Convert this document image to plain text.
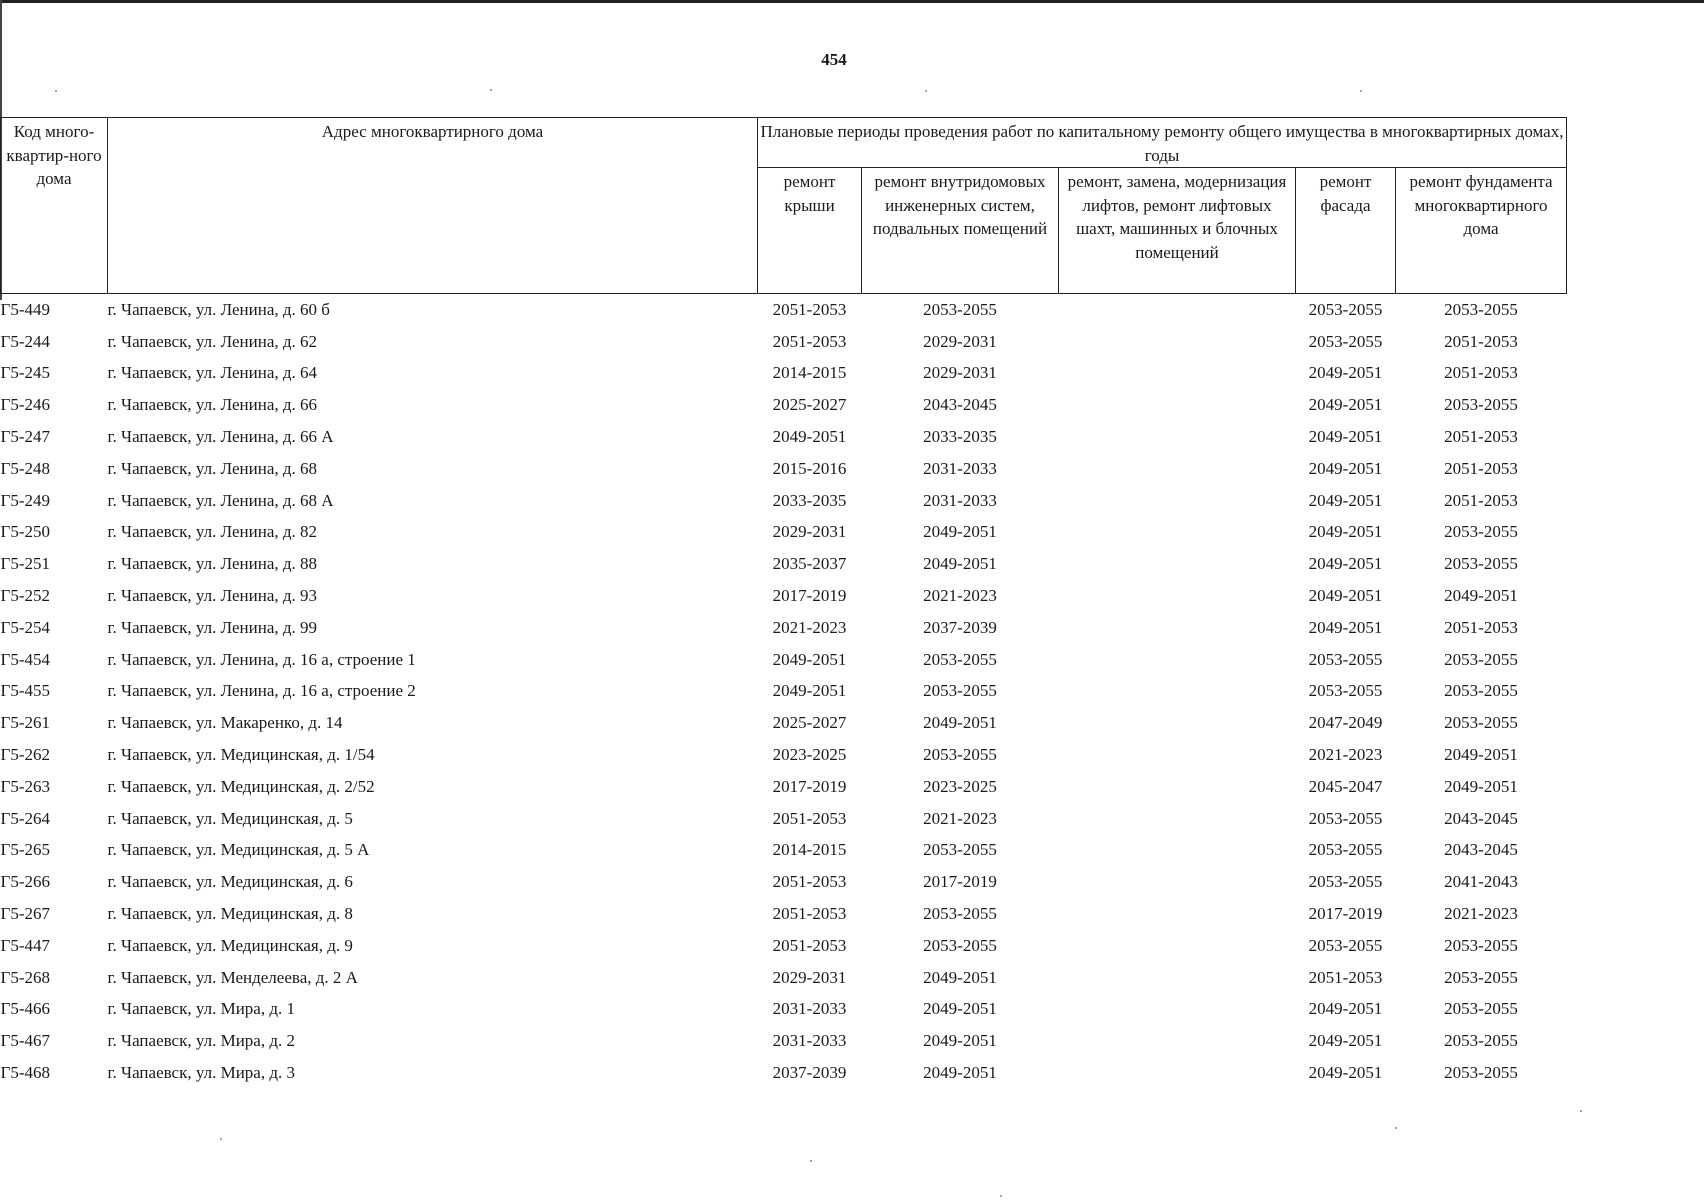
454
Код много-квартир-ного дома	Адрес многоквартирного дома	Плановые периоды проведения работ по капитальному ремонту общего имущества в многоквартирных домах, годы				
		ремонт крыши	ремонт внутридомовых инженерных систем, подвальных помещений	ремонт, замена, модернизация лифтов, ремонт лифтовых шахт, машинных и блочных помещений	ремонт фасада	ремонт фундамента многоквартирного дома
Г5-449	г. Чапаевск, ул. Ленина, д. 60 б	2051-2053	2053-2055		2053-2055	2053-2055
Г5-244	г. Чапаевск, ул. Ленина, д. 62	2051-2053	2029-2031		2053-2055	2051-2053
Г5-245	г. Чапаевск, ул. Ленина, д. 64	2014-2015	2029-2031		2049-2051	2051-2053
Г5-246	г. Чапаевск, ул. Ленина, д. 66	2025-2027	2043-2045		2049-2051	2053-2055
Г5-247	г. Чапаевск, ул. Ленина, д. 66 А	2049-2051	2033-2035		2049-2051	2051-2053
Г5-248	г. Чапаевск, ул. Ленина, д. 68	2015-2016	2031-2033		2049-2051	2051-2053
Г5-249	г. Чапаевск, ул. Ленина, д. 68 А	2033-2035	2031-2033		2049-2051	2051-2053
Г5-250	г. Чапаевск, ул. Ленина, д. 82	2029-2031	2049-2051		2049-2051	2053-2055
Г5-251	г. Чапаевск, ул. Ленина, д. 88	2035-2037	2049-2051		2049-2051	2053-2055
Г5-252	г. Чапаевск, ул. Ленина, д. 93	2017-2019	2021-2023		2049-2051	2049-2051
Г5-254	г. Чапаевск, ул. Ленина, д. 99	2021-2023	2037-2039		2049-2051	2051-2053
Г5-454	г. Чапаевск, ул. Ленина, д. 16 а, строение 1	2049-2051	2053-2055		2053-2055	2053-2055
Г5-455	г. Чапаевск, ул. Ленина, д. 16 а, строение 2	2049-2051	2053-2055		2053-2055	2053-2055
Г5-261	г. Чапаевск, ул. Макаренко, д. 14	2025-2027	2049-2051		2047-2049	2053-2055
Г5-262	г. Чапаевск, ул. Медицинская, д. 1/54	2023-2025	2053-2055		2021-2023	2049-2051
Г5-263	г. Чапаевск, ул. Медицинская, д. 2/52	2017-2019	2023-2025		2045-2047	2049-2051
Г5-264	г. Чапаевск, ул. Медицинская, д. 5	2051-2053	2021-2023		2053-2055	2043-2045
Г5-265	г. Чапаевск, ул. Медицинская, д. 5 А	2014-2015	2053-2055		2053-2055	2043-2045
Г5-266	г. Чапаевск, ул. Медицинская, д. 6	2051-2053	2017-2019		2053-2055	2041-2043
Г5-267	г. Чапаевск, ул. Медицинская, д. 8	2051-2053	2053-2055		2017-2019	2021-2023
Г5-447	г. Чапаевск, ул. Медицинская, д. 9	2051-2053	2053-2055		2053-2055	2053-2055
Г5-268	г. Чапаевск, ул. Менделеева, д. 2 А	2029-2031	2049-2051		2051-2053	2053-2055
Г5-466	г. Чапаевск, ул. Мира, д. 1	2031-2033	2049-2051		2049-2051	2053-2055
Г5-467	г. Чапаевск, ул. Мира, д. 2	2031-2033	2049-2051		2049-2051	2053-2055
Г5-468	г. Чапаевск, ул. Мира, д. 3	2037-2039	2049-2051		2049-2051	2053-2055
